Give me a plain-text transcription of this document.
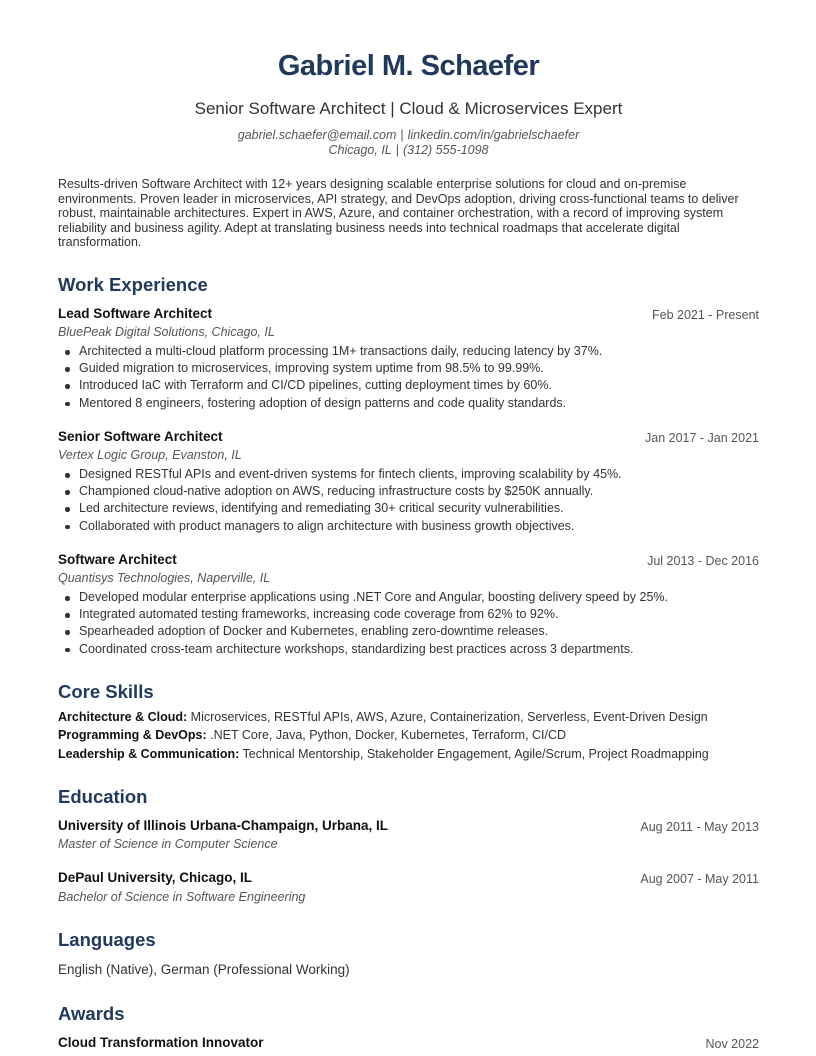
Gabriel M. Schaefer
Senior Software Architect | Cloud & Microservices Expert
gabriel.schaefer@email.com | linkedin.com/in/gabrielschaefer
Chicago, IL | (312) 555-1098
Results-driven Software Architect with 12+ years designing scalable enterprise solutions for cloud and on-premise environments. Proven leader in microservices, API strategy, and DevOps adoption, driving cross-functional teams to deliver robust, maintainable architectures. Expert in AWS, Azure, and container orchestration, with a record of improving system reliability and business agility. Adept at translating business needs into technical roadmaps that accelerate digital transformation.
Work Experience
Lead Software Architect	Feb 2021 - Present
BluePeak Digital Solutions, Chicago, IL
Architected a multi-cloud platform processing 1M+ transactions daily, reducing latency by 37%.
Guided migration to microservices, improving system uptime from 98.5% to 99.99%.
Introduced IaC with Terraform and CI/CD pipelines, cutting deployment times by 60%.
Mentored 8 engineers, fostering adoption of design patterns and code quality standards.
Senior Software Architect	Jan 2017 - Jan 2021
Vertex Logic Group, Evanston, IL
Designed RESTful APIs and event-driven systems for fintech clients, improving scalability by 45%.
Championed cloud-native adoption on AWS, reducing infrastructure costs by $250K annually.
Led architecture reviews, identifying and remediating 30+ critical security vulnerabilities.
Collaborated with product managers to align architecture with business growth objectives.
Software Architect	Jul 2013 - Dec 2016
Quantisys Technologies, Naperville, IL
Developed modular enterprise applications using .NET Core and Angular, boosting delivery speed by 25%.
Integrated automated testing frameworks, increasing code coverage from 62% to 92%.
Spearheaded adoption of Docker and Kubernetes, enabling zero-downtime releases.
Coordinated cross-team architecture workshops, standardizing best practices across 3 departments.
Core Skills
Architecture & Cloud: Microservices, RESTful APIs, AWS, Azure, Containerization, Serverless, Event-Driven Design
Programming & DevOps: .NET Core, Java, Python, Docker, Kubernetes, Terraform, CI/CD
Leadership & Communication: Technical Mentorship, Stakeholder Engagement, Agile/Scrum, Project Roadmapping
Education
University of Illinois Urbana-Champaign, Urbana, IL	Aug 2011 - May 2013
Master of Science in Computer Science
DePaul University, Chicago, IL	Aug 2007 - May 2011
Bachelor of Science in Software Engineering
Languages
English (Native), German (Professional Working)
Awards
Cloud Transformation Innovator	Nov 2022
